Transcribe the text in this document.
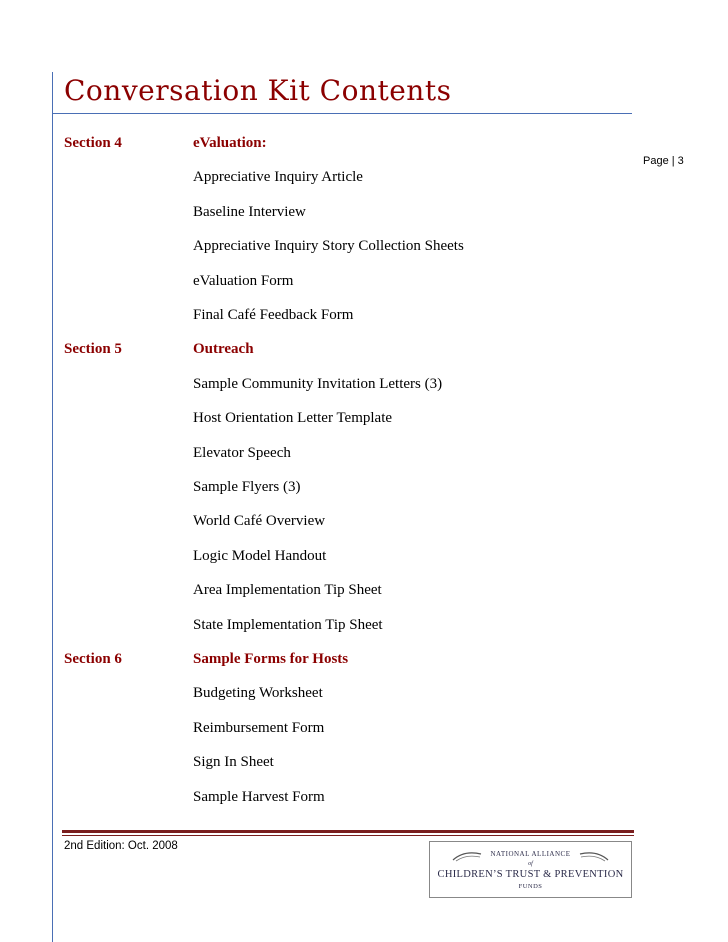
Conversation Kit Contents
Page | 3
Section 4	eValuation:
Appreciative Inquiry Article
Baseline Interview
Appreciative Inquiry Story Collection Sheets
eValuation Form
Final Café Feedback Form
Section 5	Outreach
Sample Community Invitation Letters (3)
Host Orientation Letter Template
Elevator Speech
Sample Flyers (3)
World Café Overview
Logic Model Handout
Area Implementation Tip Sheet
State Implementation Tip Sheet
Section 6	Sample Forms for Hosts
Budgeting Worksheet
Reimbursement Form
Sign In Sheet
Sample Harvest Form
2nd Edition: Oct. 2008
NATIONAL ALLIANCE
of
CHILDREN’S TRUST & PREVENTION
FUNDS
